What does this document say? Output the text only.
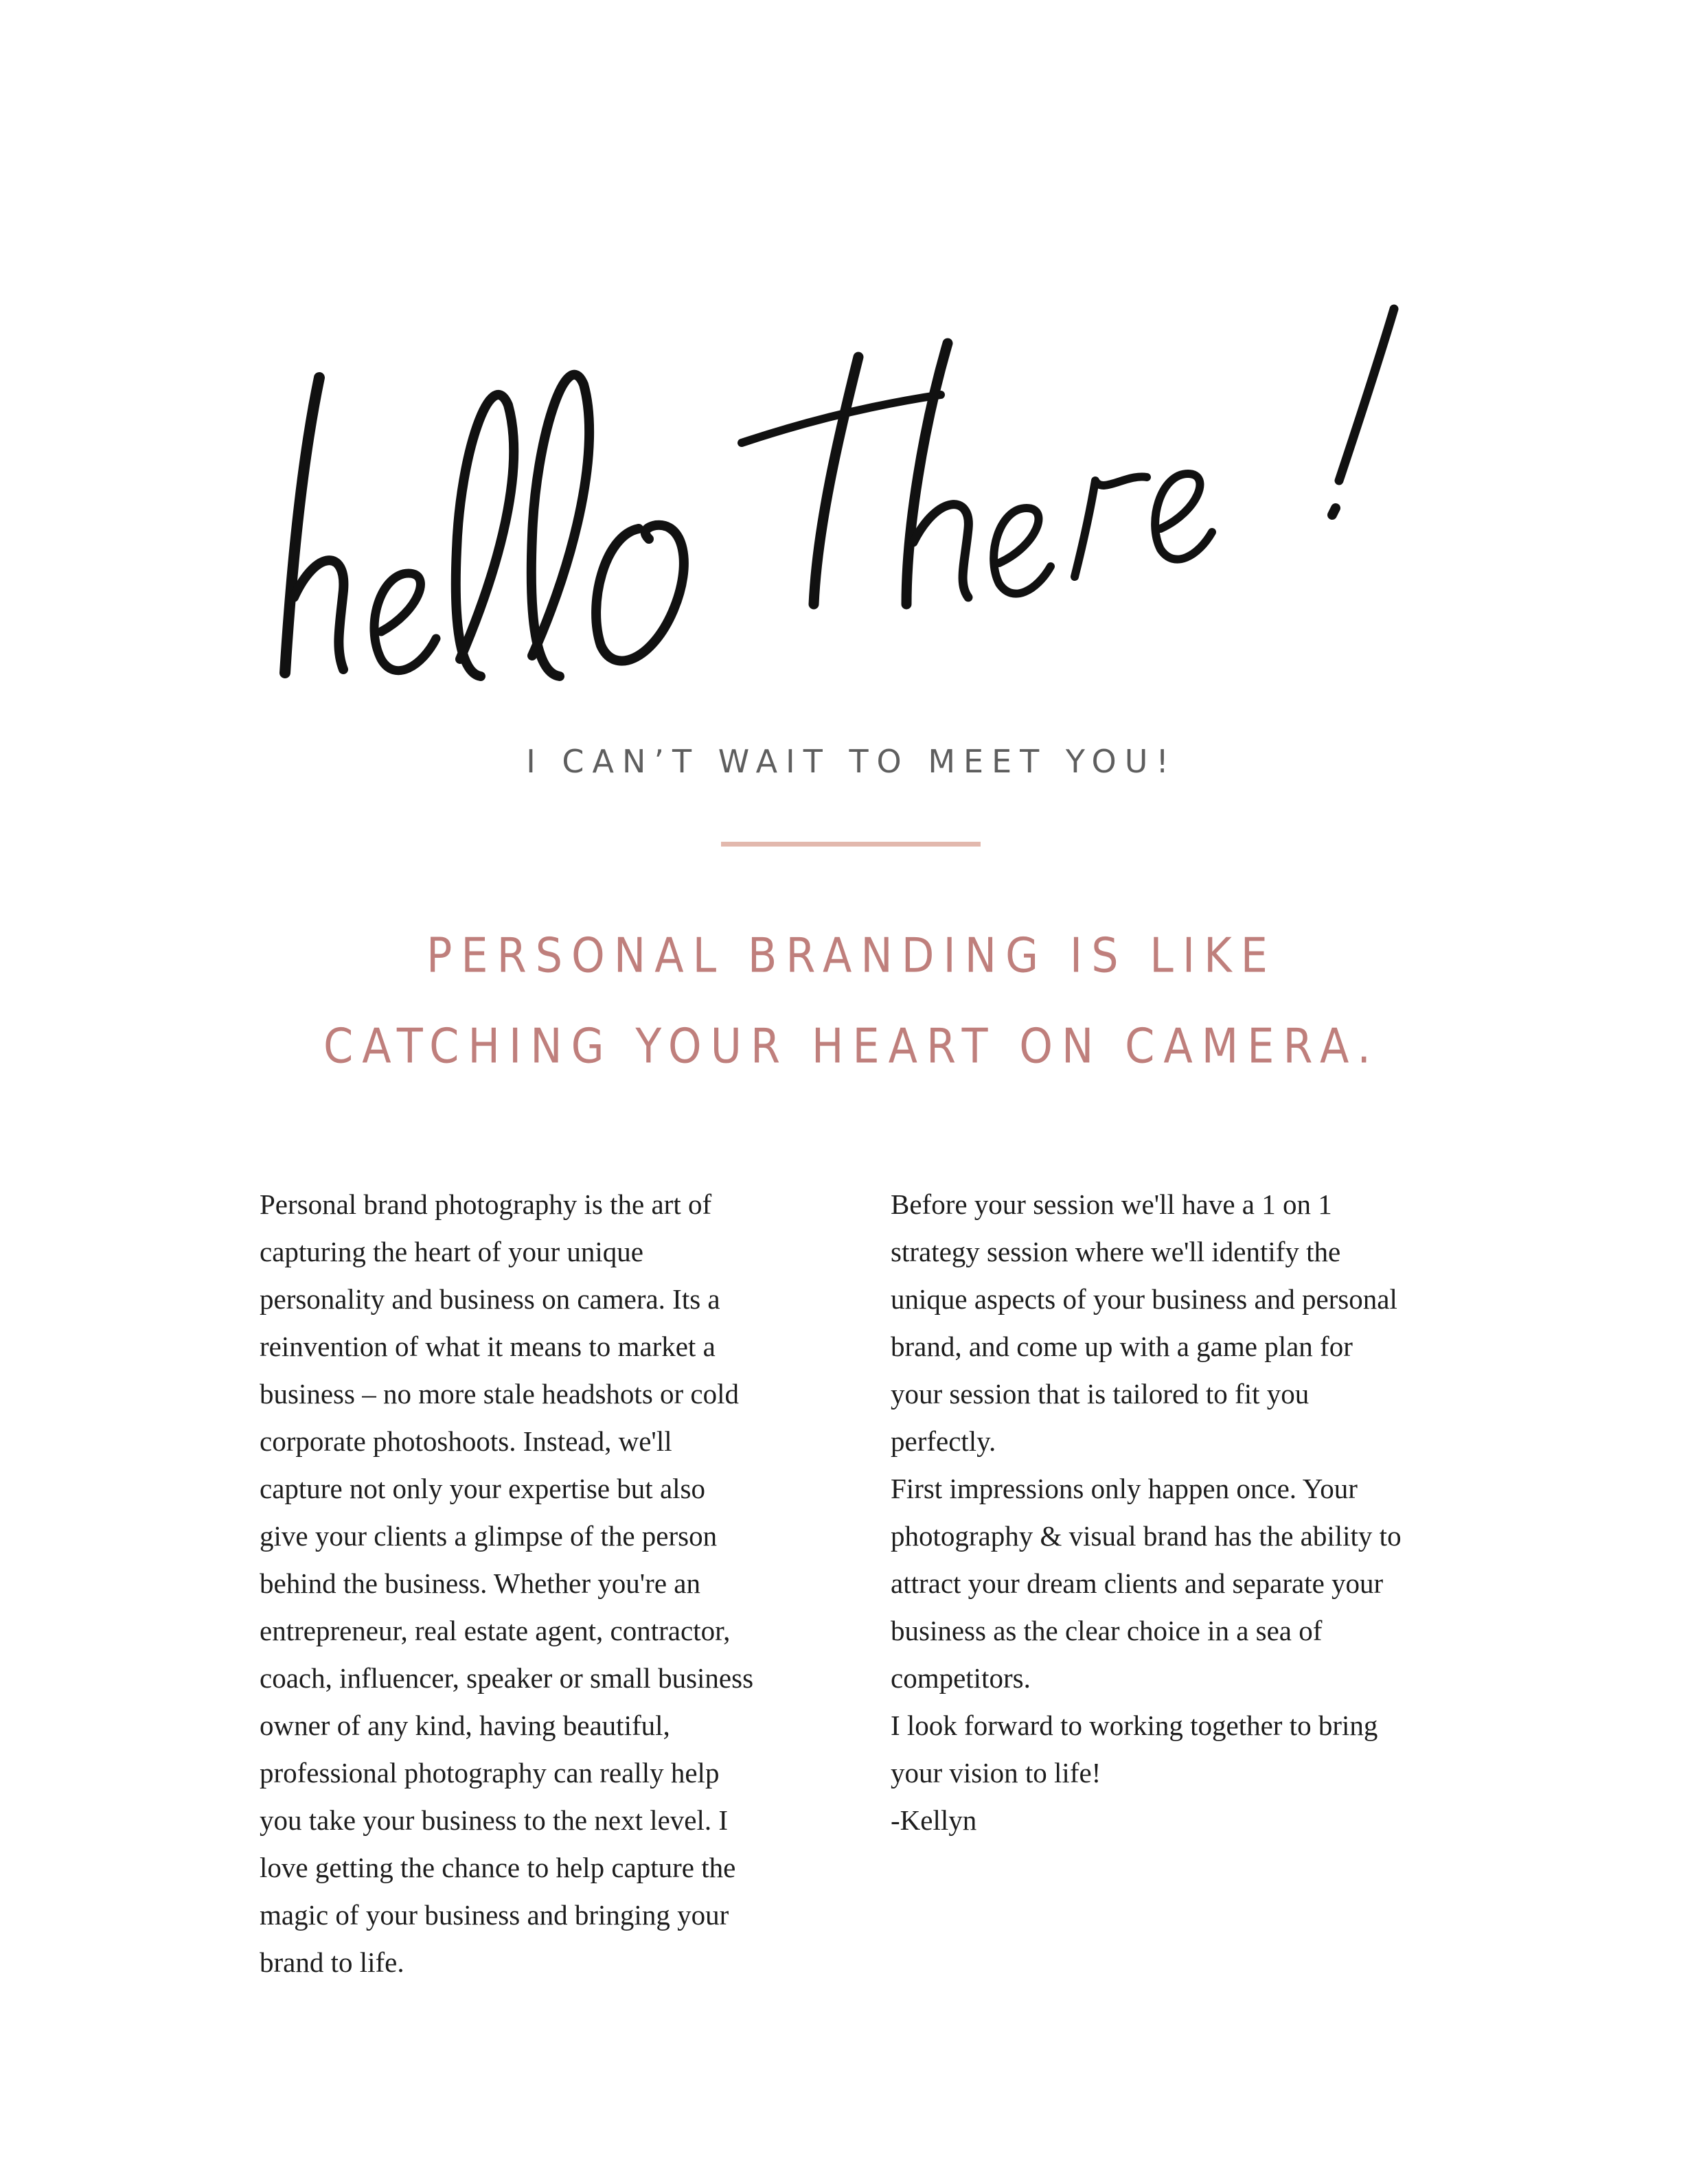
I CAN’T WAIT TO MEET YOU!
PERSONAL BRANDING IS LIKE
CATCHING YOUR HEART ON CAMERA.

Personal brand photography is the art of
capturing the heart of your unique
personality and business on camera. Its a
reinvention of what it means to market a
business – no more stale headshots or cold
corporate photoshoots. Instead, we'll
capture not only your expertise but also
give your clients a glimpse of the person
behind the business. Whether you're an
entrepreneur, real estate agent, contractor,
coach, influencer, speaker or small business
owner of any kind, having beautiful,
professional photography can really help
you take your business to the next level. I
love getting the chance to help capture the
magic of your business and bringing your
brand to life.

Before your session we'll have a 1 on 1
strategy session where we'll identify the
unique aspects of your business and personal
brand, and come up with a game plan for
your session that is tailored to fit you
perfectly.

First impressions only happen once. Your
photography & visual brand has the ability to
attract your dream clients and separate your
business as the clear choice in a sea of
competitors.

I look forward to working together to bring
your vision to life!

-Kellyn
